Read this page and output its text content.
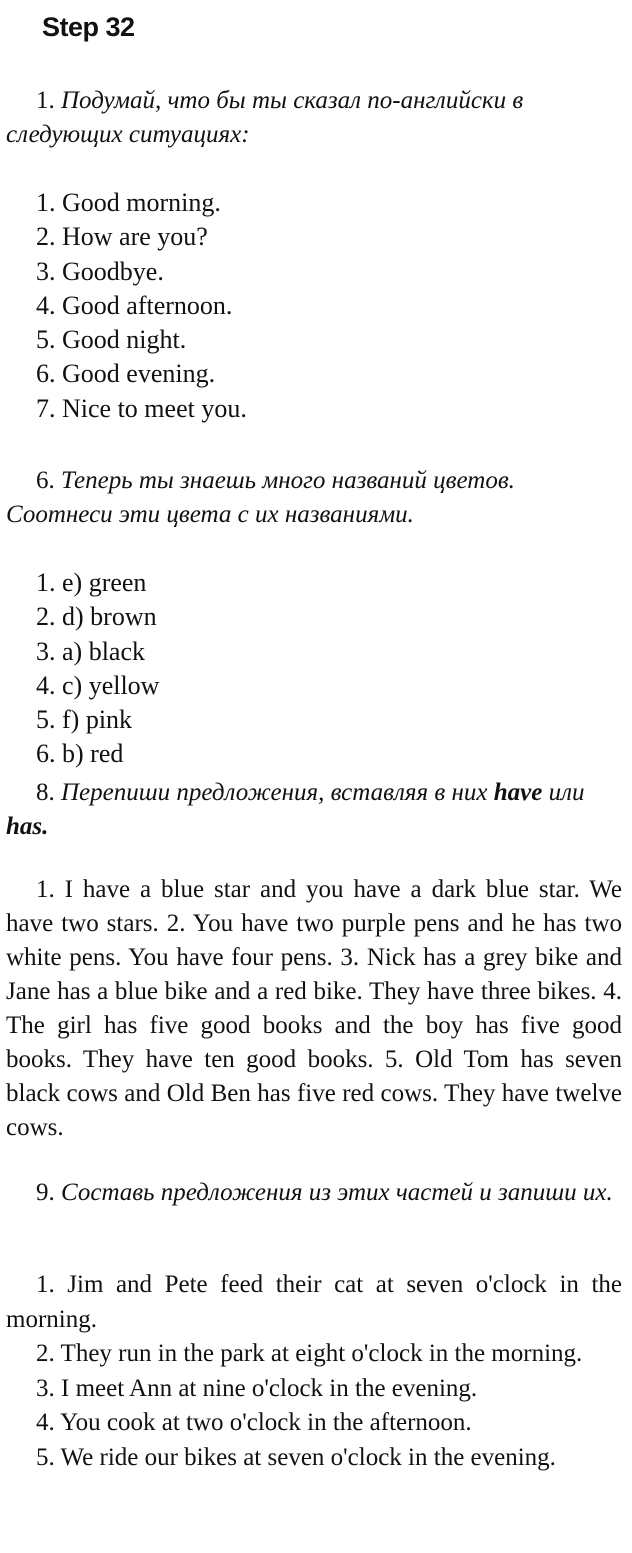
Step 32
1. Подумай, что бы ты сказал по-английски в следующих ситуациях:
1. Good morning.
2. How are you?
3. Goodbye.
4. Good afternoon.
5. Good night.
6. Good evening.
7. Nice to meet you.
6. Теперь ты знаешь много названий цветов. Соотнеси эти цвета с их названиями.
1. e) green
2. d) brown
3. a) black
4. c) yellow
5. f) pink
6. b) red
8. Перепиши предложения, вставляя в них have или has.
1. I have a blue star and you have a dark blue star. We have two stars. 2. You have two purple pens and he has two white pens. You have four pens. 3. Nick has a grey bike and Jane has a blue bike and a red bike. They have three bikes. 4. The girl has five good books and the boy has five good books. They have ten good books. 5. Old Tom has seven black cows and Old Ben has five red cows. They have twelve cows.
9. Составь предложения из этих частей и запиши их.
1. Jim and Pete feed their cat at seven o'clock in the morning.
2. They run in the park at eight o'clock in the morning.
3. I meet Ann at nine o'clock in the evening.
4. You cook at two o'clock in the afternoon.
5. We ride our bikes at seven o'clock in the evening.
